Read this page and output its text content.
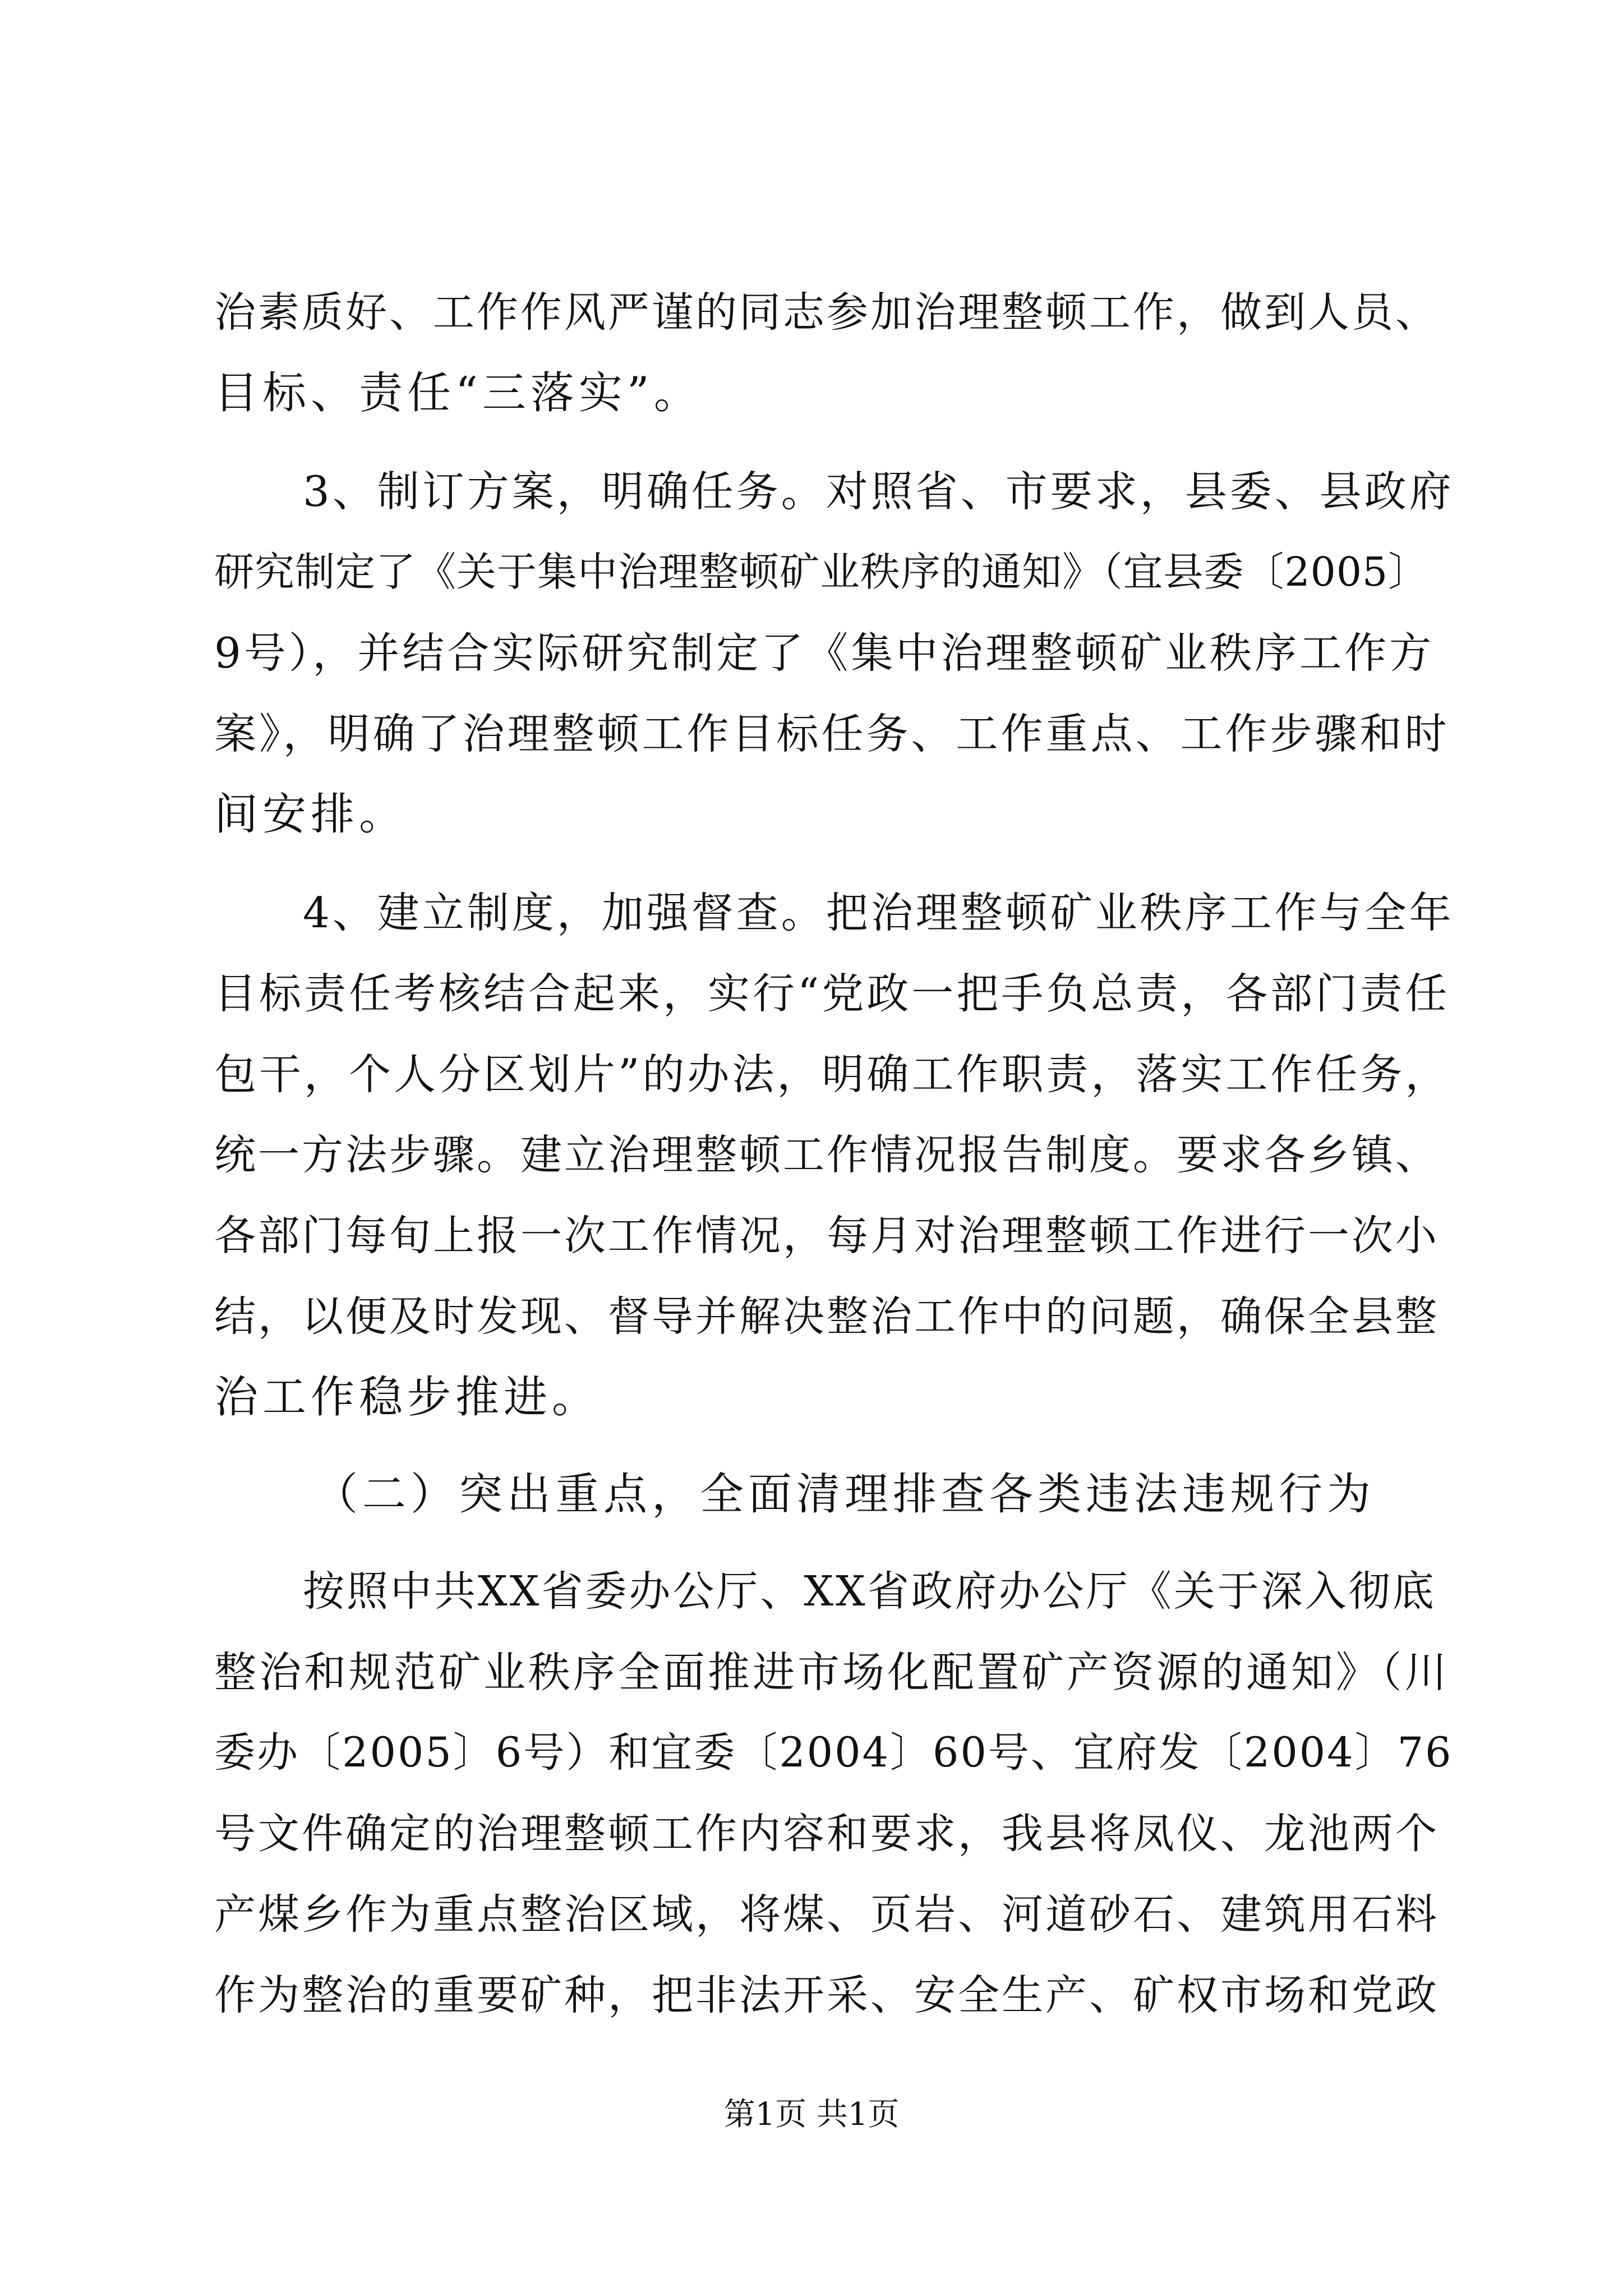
治素质好、工作作风严谨的同志参加治理整顿工作，做到人员、
目标、责任“三落实”。
3、制订方案，明确任务。对照省、市要求，县委、县政府
研究制定了《关于集中治理整顿矿业秩序的通知》（宜县委〔2005〕
9号），并结合实际研究制定了《集中治理整顿矿业秩序工作方
案》，明确了治理整顿工作目标任务、工作重点、工作步骤和时
间安排。
4、建立制度，加强督查。把治理整顿矿业秩序工作与全年
目标责任考核结合起来，实行“党政一把手负总责，各部门责任
包干，个人分区划片”的办法，明确工作职责，落实工作任务，
统一方法步骤。建立治理整顿工作情况报告制度。要求各乡镇、
各部门每旬上报一次工作情况，每月对治理整顿工作进行一次小
结，以便及时发现、督导并解决整治工作中的问题，确保全县整
治工作稳步推进。
（二）突出重点，全面清理排查各类违法违规行为
按照中共XX省委办公厅、XX省政府办公厅《关于深入彻底
整治和规范矿业秩序全面推进市场化配置矿产资源的通知》（川
委办〔2005〕6号）和宜委〔2004〕60号、宜府发〔2004〕76
号文件确定的治理整顿工作内容和要求，我县将凤仪、龙池两个
产煤乡作为重点整治区域，将煤、页岩、河道砂石、建筑用石料
作为整治的重要矿种，把非法开采、安全生产、矿权市场和党政
第1页 共1页
